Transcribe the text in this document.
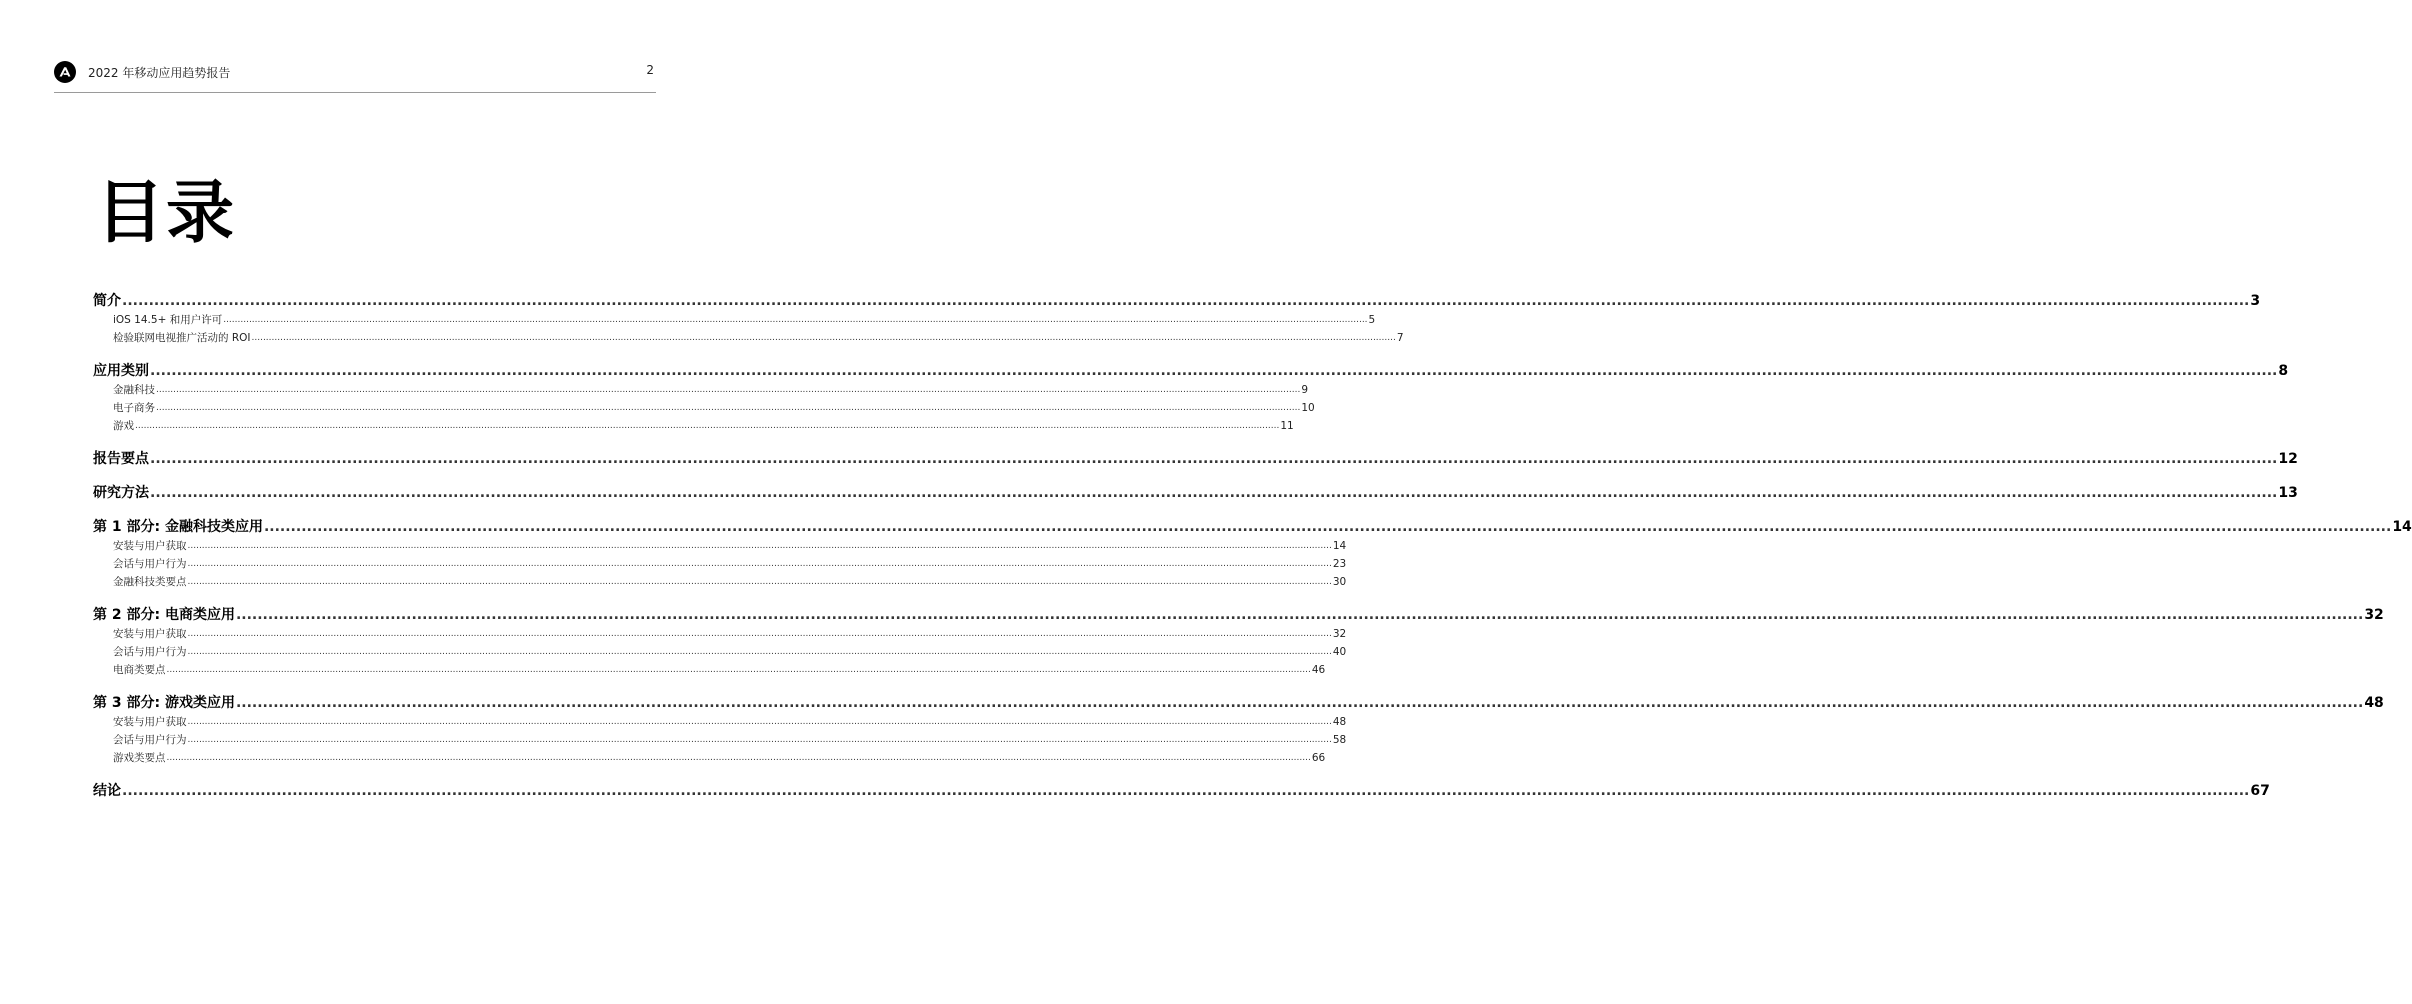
2022 年移动应用趋势报告	2
目录
简介 ................................................................................................................................................................................................................................................................................................................................................................................................................ 3
iOS 14.5+ 和用户许可 ................................................................................................................................................................................................................................................................................................................................................................................................................ 5
检验联网电视推广活动的 ROI ................................................................................................................................................................................................................................................................................................................................................................................................................ 7
应用类别 ................................................................................................................................................................................................................................................................................................................................................................................................................ 8
金融科技 ................................................................................................................................................................................................................................................................................................................................................................................................................ 9
电子商务 ................................................................................................................................................................................................................................................................................................................................................................................................................ 10
游戏 ................................................................................................................................................................................................................................................................................................................................................................................................................ 11
报告要点 ................................................................................................................................................................................................................................................................................................................................................................................................................ 12
研究方法 ................................................................................................................................................................................................................................................................................................................................................................................................................ 13
第 1 部分: 金融科技类应用 ................................................................................................................................................................................................................................................................................................................................................................................................................ 14
安装与用户获取 ................................................................................................................................................................................................................................................................................................................................................................................................................ 14
会话与用户行为 ................................................................................................................................................................................................................................................................................................................................................................................................................ 23
金融科技类要点 ................................................................................................................................................................................................................................................................................................................................................................................................................ 30
第 2 部分: 电商类应用 ................................................................................................................................................................................................................................................................................................................................................................................................................ 32
安装与用户获取 ................................................................................................................................................................................................................................................................................................................................................................................................................ 32
会话与用户行为 ................................................................................................................................................................................................................................................................................................................................................................................................................ 40
电商类要点 ................................................................................................................................................................................................................................................................................................................................................................................................................ 46
第 3 部分: 游戏类应用 ................................................................................................................................................................................................................................................................................................................................................................................................................ 48
安装与用户获取 ................................................................................................................................................................................................................................................................................................................................................................................................................ 48
会话与用户行为 ................................................................................................................................................................................................................................................................................................................................................................................................................ 58
游戏类要点 ................................................................................................................................................................................................................................................................................................................................................................................................................ 66
结论 ................................................................................................................................................................................................................................................................................................................................................................................................................ 67
